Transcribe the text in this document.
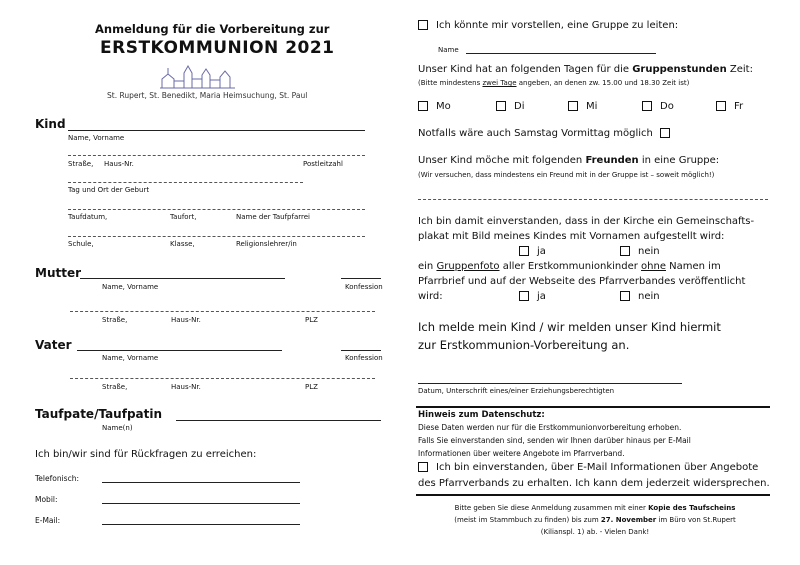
Anmeldung für die Vorbereitung zur
ERSTKOMMUNION 2021
St. Rupert, St. Benedikt, Maria Heimsuchung, St. Paul
Kind
Name, Vorname
Straße, Haus-Nr.	Postleitzahl
Tag und Ort der Geburt
Taufdatum,	Taufort,	Name der Taufpfarrei
Schule,	Klasse,	Religionslehrer/in
Mutter
Name, Vorname	Konfession
Straße,	Haus-Nr.	PLZ
Vater
Name, Vorname	Konfession
Straße,	Haus-Nr.	PLZ
Taufpate/Taufpatin
Name(n)
Ich bin/wir sind für Rückfragen zu erreichen:
Telefonisch:
Mobil:
E-Mail:
Ich könnte mir vorstellen, eine Gruppe zu leiten:
Name
Unser Kind hat an folgenden Tagen für die Gruppenstunden Zeit:
(Bitte mindestens zwei Tage angeben, an denen zw. 15.00 und 18.30 Zeit ist)
Mo	Di	Mi	Do	Fr
Notfalls wäre auch Samstag Vormittag möglich
Unser Kind möche mit folgenden Freunden in eine Gruppe:
(Wir versuchen, dass mindestens ein Freund mit in der Gruppe ist – soweit möglich!)
Ich bin damit einverstanden, dass in der Kirche ein Gemeinschafts-
plakat mit Bild meines Kindes mit Vornamen aufgestellt wird:
ja	nein
ein Gruppenfoto aller Erstkommunionkinder ohne Namen im
Pfarrbrief und auf der Webseite des Pfarrverbandes veröffentlicht
wird:	ja	nein
Ich melde mein Kind / wir melden unser Kind hiermit
zur Erstkommunion-Vorbereitung an.
Datum, Unterschrift eines/einer Erziehungsberechtigten
Hinweis zum Datenschutz:
Diese Daten werden nur für die Erstkommunionvorbereitung erhoben.
Falls Sie einverstanden sind, senden wir Ihnen darüber hinaus per E-Mail
Informationen über weitere Angebote im Pfarrverband.
Ich bin einverstanden, über E-Mail Informationen über Angebote
des Pfarrverbands zu erhalten. Ich kann dem jederzeit widersprechen.
Bitte geben Sie diese Anmeldung zusammen mit einer Kopie des Taufscheins
(meist im Stammbuch zu finden) bis zum 27. November im Büro von St.Rupert
(Kilianspl. 1) ab. - Vielen Dank!
